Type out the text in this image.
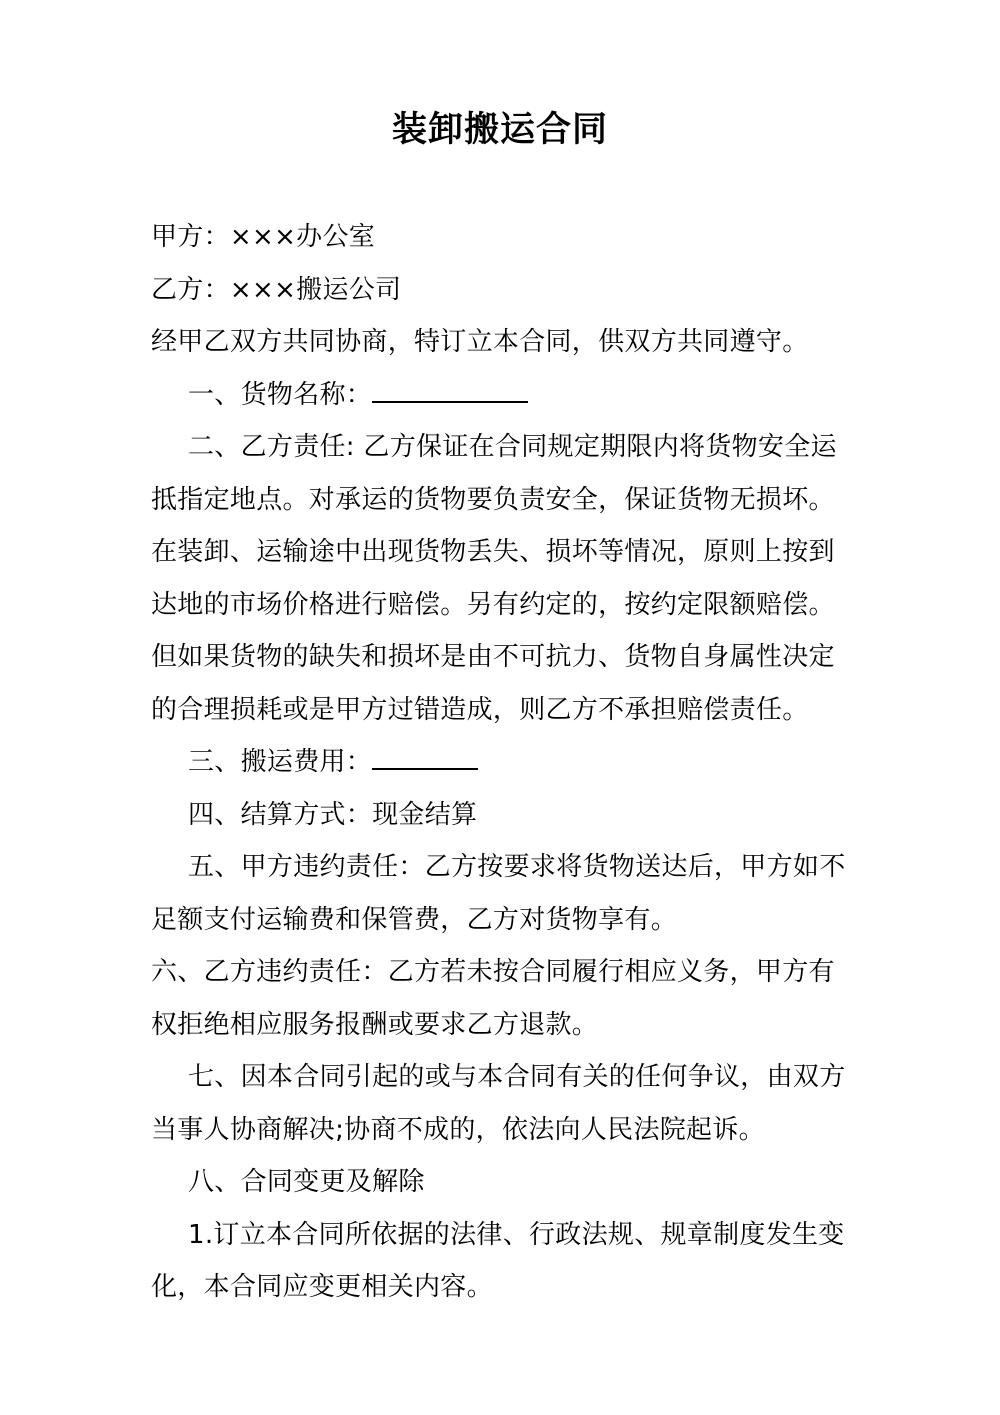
装卸搬运合同
甲方：×××办公室
乙方：×××搬运公司
经甲乙双方共同协商，特订立本合同，供双方共同遵守。
一、货物名称：
二、乙方责任: 乙方保证在合同规定期限内将货物安全运
抵指定地点。对承运的货物要负责安全，保证货物无损坏。
在装卸、运输途中出现货物丢失、损坏等情况，原则上按到
达地的市场价格进行赔偿。另有约定的，按约定限额赔偿。
但如果货物的缺失和损坏是由不可抗力、货物自身属性决定
的合理损耗或是甲方过错造成，则乙方不承担赔偿责任。
三、搬运费用：
四、结算方式：现金结算
五、甲方违约责任：乙方按要求将货物送达后，甲方如不
足额支付运输费和保管费，乙方对货物享有。
六、乙方违约责任：乙方若未按合同履行相应义务，甲方有
权拒绝相应服务报酬或要求乙方退款。
七、因本合同引起的或与本合同有关的任何争议，由双方
当事人协商解决;协商不成的，依法向人民法院起诉。
八、合同变更及解除
1.订立本合同所依据的法律、行政法规、规章制度发生变
化，本合同应变更相关内容。
